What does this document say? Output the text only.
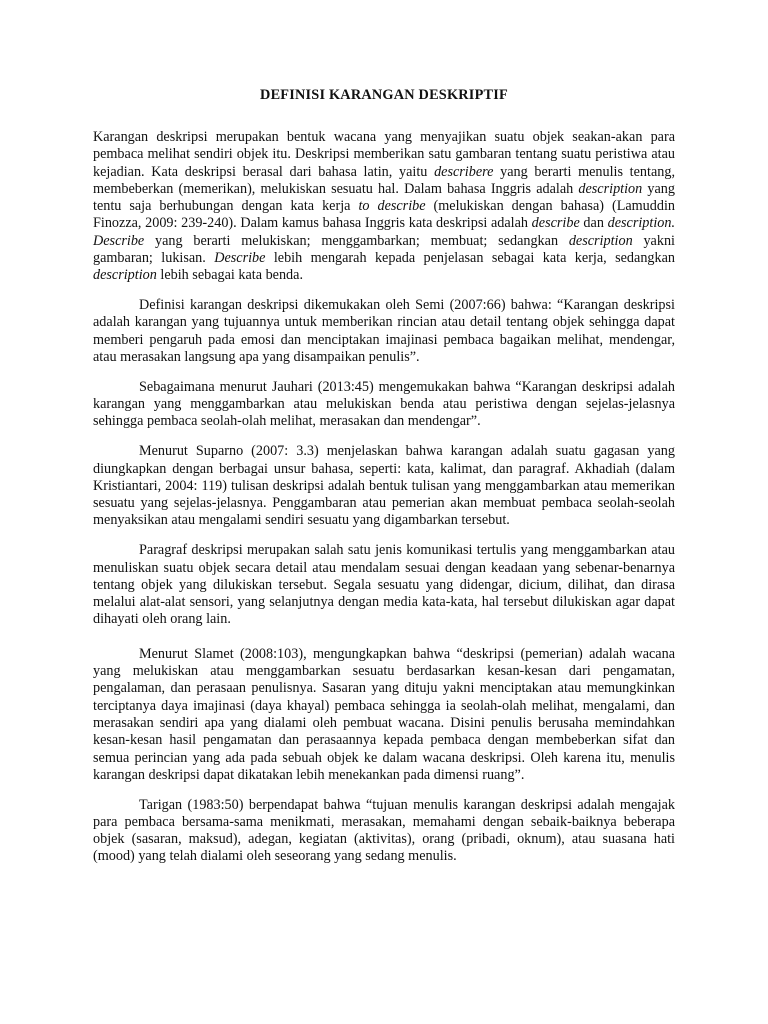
DEFINISI KARANGAN DESKRIPTIF

Karangan deskripsi merupakan bentuk wacana yang menyajikan suatu objek seakan-akan para pembaca melihat sendiri objek itu. Deskripsi memberikan satu gambaran tentang suatu peristiwa atau kejadian. Kata deskripsi berasal dari bahasa latin, yaitu describere yang berarti menulis tentang, membeberkan (memerikan), melukiskan sesuatu hal. Dalam bahasa Inggris adalah description yang tentu saja berhubungan dengan kata kerja to describe (melukiskan dengan bahasa) (Lamuddin Finozza, 2009: 239-240). Dalam kamus bahasa Inggris kata deskripsi adalah describe dan description. Describe yang berarti melukiskan; menggambarkan; membuat; sedangkan description yakni gambaran; lukisan. Describe lebih mengarah kepada penjelasan sebagai kata kerja, sedangkan description lebih sebagai kata benda.

Definisi karangan deskripsi dikemukakan oleh Semi (2007:66) bahwa: “Karangan deskripsi adalah karangan yang tujuannya untuk memberikan rincian atau detail tentang objek sehingga dapat memberi pengaruh pada emosi dan menciptakan imajinasi pembaca bagaikan melihat, mendengar, atau merasakan langsung apa yang disampaikan penulis”.

Sebagaimana menurut Jauhari (2013:45) mengemukakan bahwa “Karangan deskripsi adalah karangan yang menggambarkan atau melukiskan benda atau peristiwa dengan sejelas-jelasnya sehingga pembaca seolah-olah melihat, merasakan dan mendengar”.

Menurut Suparno (2007: 3.3) menjelaskan bahwa karangan adalah suatu gagasan yang diungkapkan dengan berbagai unsur bahasa, seperti: kata, kalimat, dan paragraf. Akhadiah (dalam Kristiantari, 2004: 119) tulisan deskripsi adalah bentuk tulisan yang menggambarkan atau memerikan sesuatu yang sejelas-jelasnya. Penggambaran atau pemerian akan membuat pembaca seolah-seolah menyaksikan atau mengalami sendiri sesuatu yang digambarkan tersebut.

Paragraf deskripsi merupakan salah satu jenis komunikasi tertulis yang menggambarkan atau menuliskan suatu objek secara detail atau mendalam sesuai dengan keadaan yang sebenar-benarnya tentang objek yang dilukiskan tersebut. Segala sesuatu yang didengar, dicium, dilihat, dan dirasa melalui alat-alat sensori, yang selanjutnya dengan media kata-kata, hal tersebut dilukiskan agar dapat dihayati oleh orang lain.

Menurut Slamet (2008:103), mengungkapkan bahwa “deskripsi (pemerian) adalah wacana yang melukiskan atau menggambarkan sesuatu berdasarkan kesan-kesan dari pengamatan, pengalaman, dan perasaan penulisnya. Sasaran yang dituju yakni menciptakan atau memungkinkan terciptanya daya imajinasi (daya khayal) pembaca sehingga ia seolah-olah melihat, mengalami, dan merasakan sendiri apa yang dialami oleh pembuat wacana. Disini penulis berusaha memindahkan kesan-kesan hasil pengamatan dan perasaannya kepada pembaca dengan membeberkan sifat dan semua perincian yang ada pada sebuah objek ke dalam wacana deskripsi. Oleh karena itu, menulis karangan deskripsi dapat dikatakan lebih menekankan pada dimensi ruang”.

Tarigan (1983:50) berpendapat bahwa “tujuan menulis karangan deskripsi adalah mengajak para pembaca bersama-sama menikmati, merasakan, memahami dengan sebaik-baiknya beberapa objek (sasaran, maksud), adegan, kegiatan (aktivitas), orang (pribadi, oknum), atau suasana hati (mood) yang telah dialami oleh seseorang yang sedang menulis.
